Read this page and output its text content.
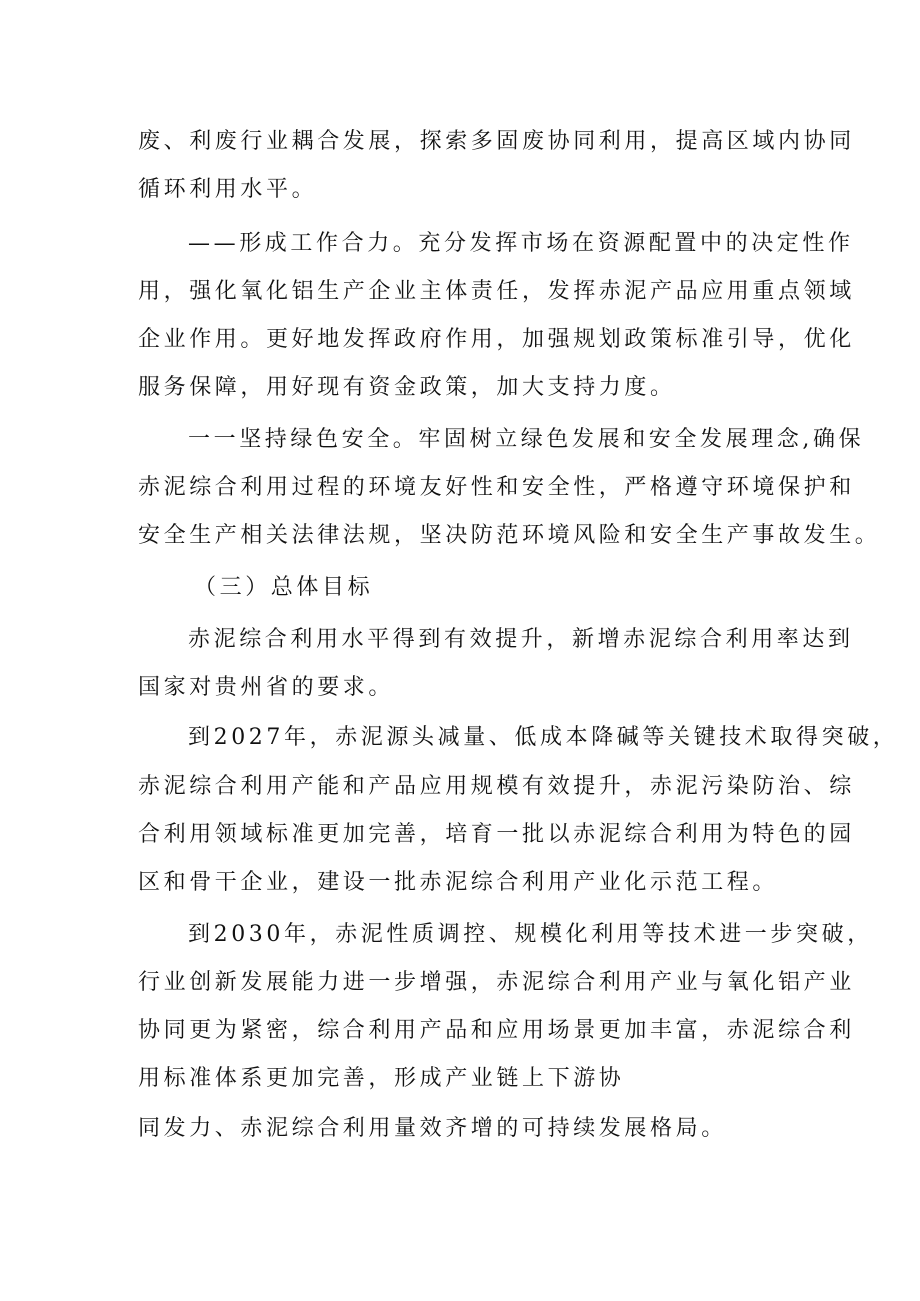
废、利废行业耦合发展，探索多固废协同利用，提高区域内协同
循环利用水平。
——形成工作合力。充分发挥市场在资源配置中的决定性作
用，强化氧化铝生产企业主体责任，发挥赤泥产品应用重点领域
企业作用。更好地发挥政府作用，加强规划政策标准引导，优化
服务保障，用好现有资金政策，加大支持力度。
一一坚持绿色安全。牢固树立绿色发展和安全发展理念,确保
赤泥综合利用过程的环境友好性和安全性，严格遵守环境保护和
安全生产相关法律法规，坚决防范环境风险和安全生产事故发生。
（三）总体目标
赤泥综合利用水平得到有效提升，新增赤泥综合利用率达到
国家对贵州省的要求。
到2027年，赤泥源头减量、低成本降碱等关键技术取得突破，
赤泥综合利用产能和产品应用规模有效提升，赤泥污染防治、综
合利用领域标准更加完善，培育一批以赤泥综合利用为特色的园
区和骨干企业，建设一批赤泥综合利用产业化示范工程。
到2030年，赤泥性质调控、规模化利用等技术进一步突破，
行业创新发展能力进一步增强，赤泥综合利用产业与氧化铝产业
协同更为紧密，综合利用产品和应用场景更加丰富，赤泥综合利
用标准体系更加完善，形成产业链上下游协
同发力、赤泥综合利用量效齐增的可持续发展格局。
